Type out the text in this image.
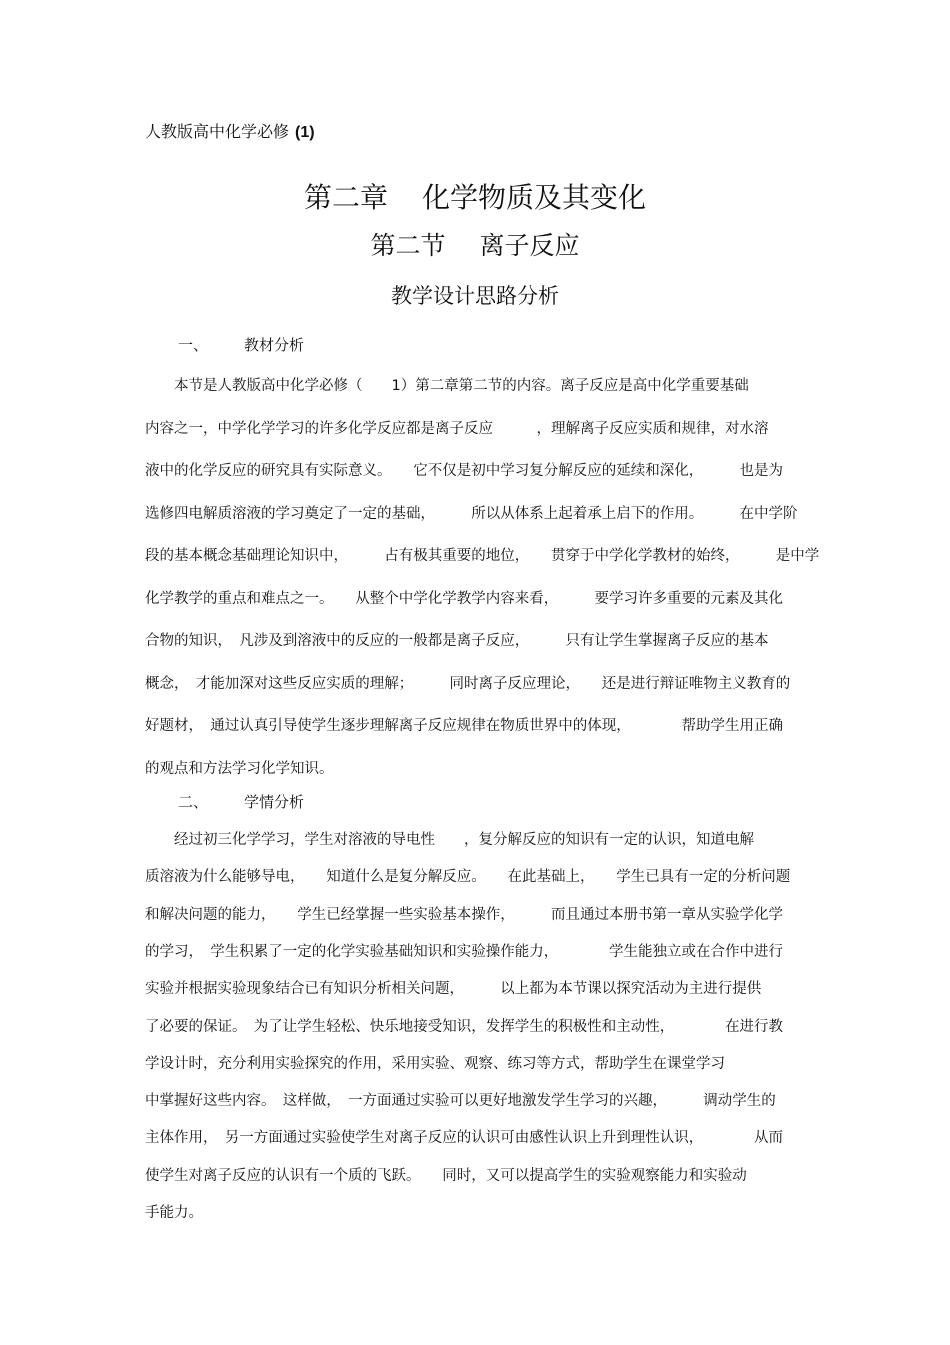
人教版高中化学必修 (1)
第二章 化学物质及其变化
第二节 离子反应
教学设计思路分析
一、 教材分析
　　本节是人教版高中化学必修（　　1）第二章第二节的内容。离子反应是高中化学重要基础
内容之一，中学化学学习的许多化学反应都是离子反应　　　，理解离子反应实质和规律，对水溶
液中的化学反应的研究具有实际意义。　　它不仅是初中学习复分解反应的延续和深化，　　　也是为
选修四电解质溶液的学习奠定了一定的基础，　　　所以从体系上起着承上启下的作用。　　　在中学阶
段的基本概念基础理论知识中，　　　占有极其重要的地位，　　贯穿于中学化学教材的始终，　　　是中学
化学教学的重点和难点之一。　　从整个中学化学教学内容来看，　　　要学习许多重要的元素及其化
合物的知识，　凡涉及到溶液中的反应的一般都是离子反应，　　　只有让学生掌握离子反应的基本
概念，　才能加深对这些反应实质的理解；　　　同时离子反应理论，　　还是进行辩证唯物主义教育的
好题材，　通过认真引导使学生逐步理解离子反应规律在物质世界中的体现，　　　　帮助学生用正确
的观点和方法学习化学知识。
二、 学情分析
　　经过初三化学学习，学生对溶液的导电性　　，复分解反应的知识有一定的认识，知道电解
质溶液为什么能够导电，　　知道什么是复分解反应。　　在此基础上，　　学生已具有一定的分析问题
和解决问题的能力，　　学生已经掌握一些实验基本操作，　　　而且通过本册书第一章从实验学化学
的学习，　学生积累了一定的化学实验基础知识和实验操作能力，　　　　学生能独立或在合作中进行
实验并根据实验现象结合已有知识分析相关问题，　　　以上都为本节课以探究活动为主进行提供
了必要的保证。　为了让学生轻松、快乐地接受知识，发挥学生的积极性和主动性，　　　　在进行教
学设计时，充分利用实验探究的作用，采用实验、观察、练习等方式，帮助学生在课堂学习
中掌握好这些内容。　这样做，　一方面通过实验可以更好地激发学生学习的兴趣，　　　调动学生的
主体作用，　另一方面通过实验使学生对离子反应的认识可由感性认识上升到理性认识，　　　　从而
使学生对离子反应的认识有一个质的飞跃。　　同时，又可以提高学生的实验观察能力和实验动
手能力。
